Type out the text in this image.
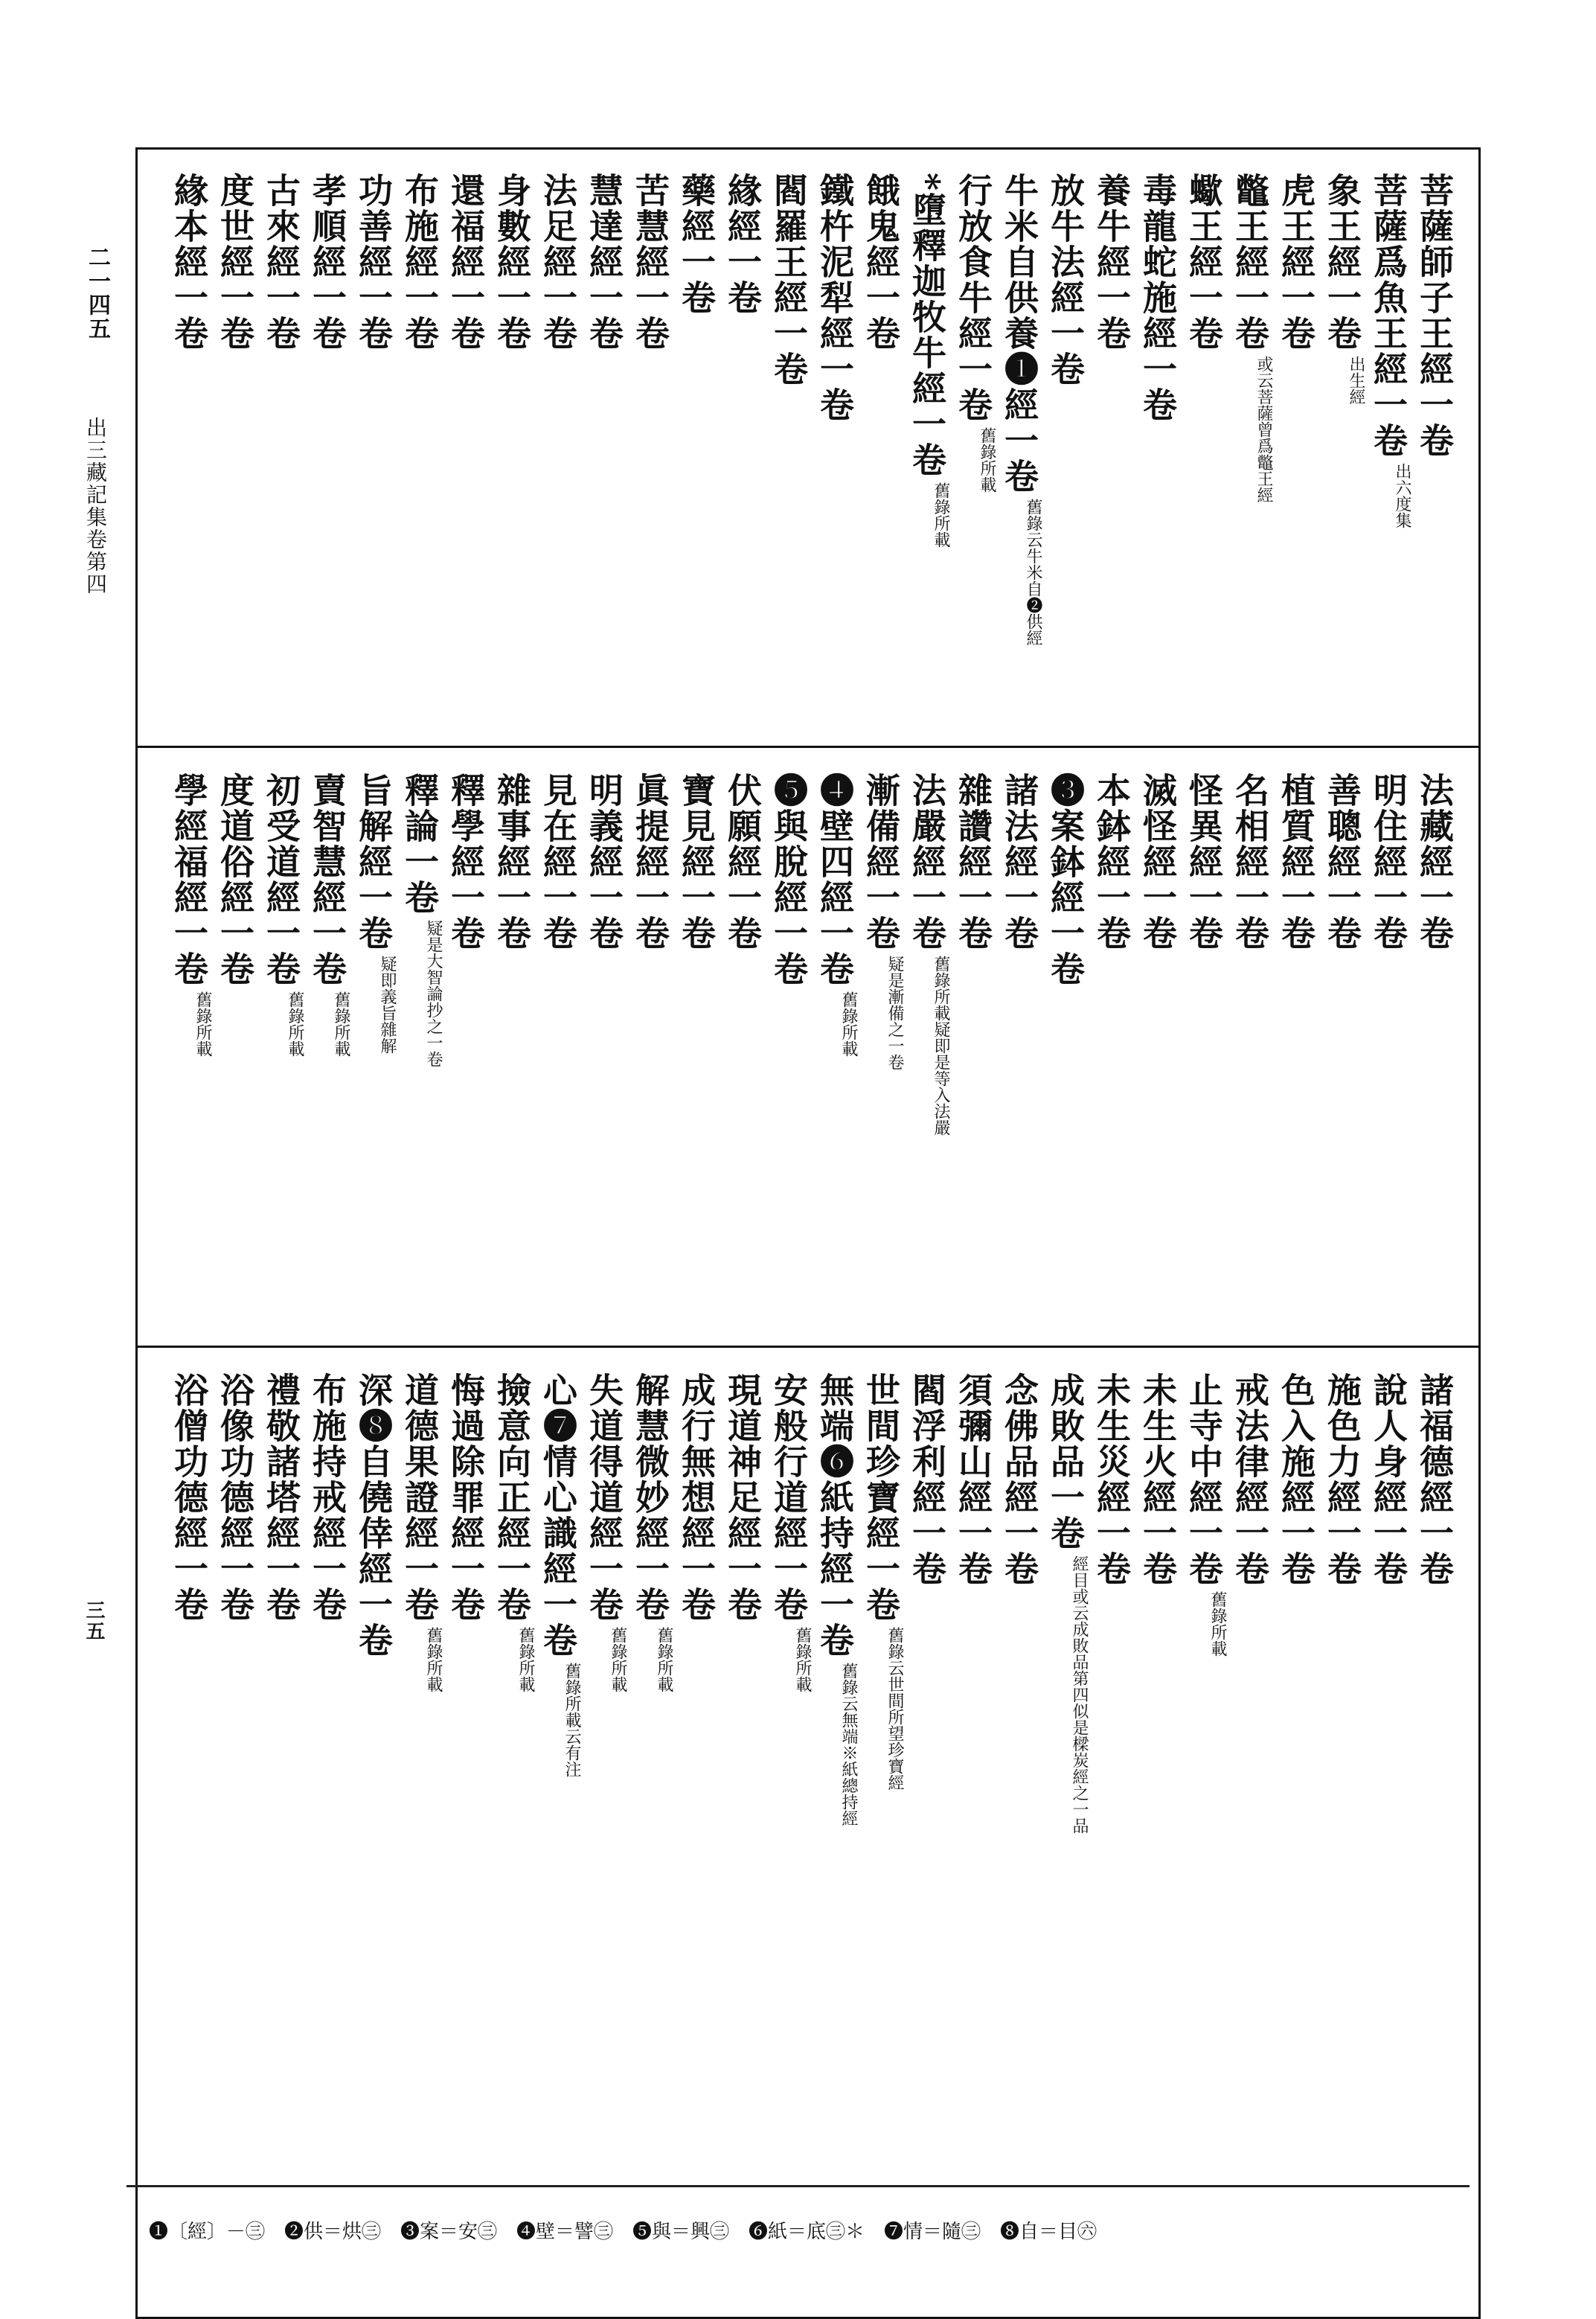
二一四五
出三藏記集卷第四
三五
菩薩師子王經一卷
菩薩爲魚王經一卷出六度集
象王經一卷出生經
虎王經一卷
鼈王經一卷或云菩薩曾爲鼈王經
蠍王經一卷
毒龍蛇施經一卷
養牛經一卷
放牛法經一卷
牛米自供養❶經一卷舊錄云牛米自❷供經
行放食牛經一卷舊錄所載
*墮釋迦牧牛經一卷舊錄所載
餓鬼經一卷
鐵杵泥犁經一卷
閻羅王經一卷
緣經一卷
藥經一卷
苦慧經一卷
慧達經一卷
法足經一卷
身數經一卷
還福經一卷
布施經一卷
功善經一卷
孝順經一卷
古來經一卷
度世經一卷
緣本經一卷
法藏經一卷
明住經一卷
善聰經一卷
植質經一卷
名相經一卷
怪異經一卷
滅怪經一卷
本鉢經一卷
❸案鉢經一卷
諸法經一卷
雜讚經一卷
法嚴經一卷舊錄所載疑即是等入法嚴
漸備經一卷疑是漸備之一卷
❹壁四經一卷舊錄所載
❺與脫經一卷
伏願經一卷
寶見經一卷
眞提經一卷
明義經一卷
見在經一卷
雜事經一卷
釋學經一卷
釋論一卷疑是大智論抄之一卷
旨解經一卷疑即義旨雜解
賣智慧經一卷舊錄所載
初受道經一卷舊錄所載
度道俗經一卷
學經福經一卷舊錄所載
諸福德經一卷
說人身經一卷
施色力經一卷
色入施經一卷
戒法律經一卷
止寺中經一卷舊錄所載
未生火經一卷
未生災經一卷
成敗品一卷經目或云成敗品第四似是樑炭經之一品
念佛品經一卷
須彌山經一卷
閻浮利經一卷
世間珍寶經一卷舊錄云世間所望珍寶經
無端❻紙持經一卷舊錄云無端※紙總持經
安般行道經一卷舊錄所載
現道神足經一卷
成行無想經一卷
解慧微妙經一卷舊錄所載
失道得道經一卷舊錄所載
心❼情心識經一卷舊錄所載云有注
撿意向正經一卷舊錄所載
悔過除罪經一卷
道德果證經一卷舊錄所載
深❽自僥倖經一卷
布施持戒經一卷
禮敬諸塔經一卷
浴像功德經一卷
浴僧功德經一卷
❶〔經〕－㊂　❷供＝烘㊂　❸案＝安㊂　❹壁＝譬㊂　❺與＝興㊂　❻紙＝底㊂＊　❼情＝隨㊂　❽自＝目㊅
